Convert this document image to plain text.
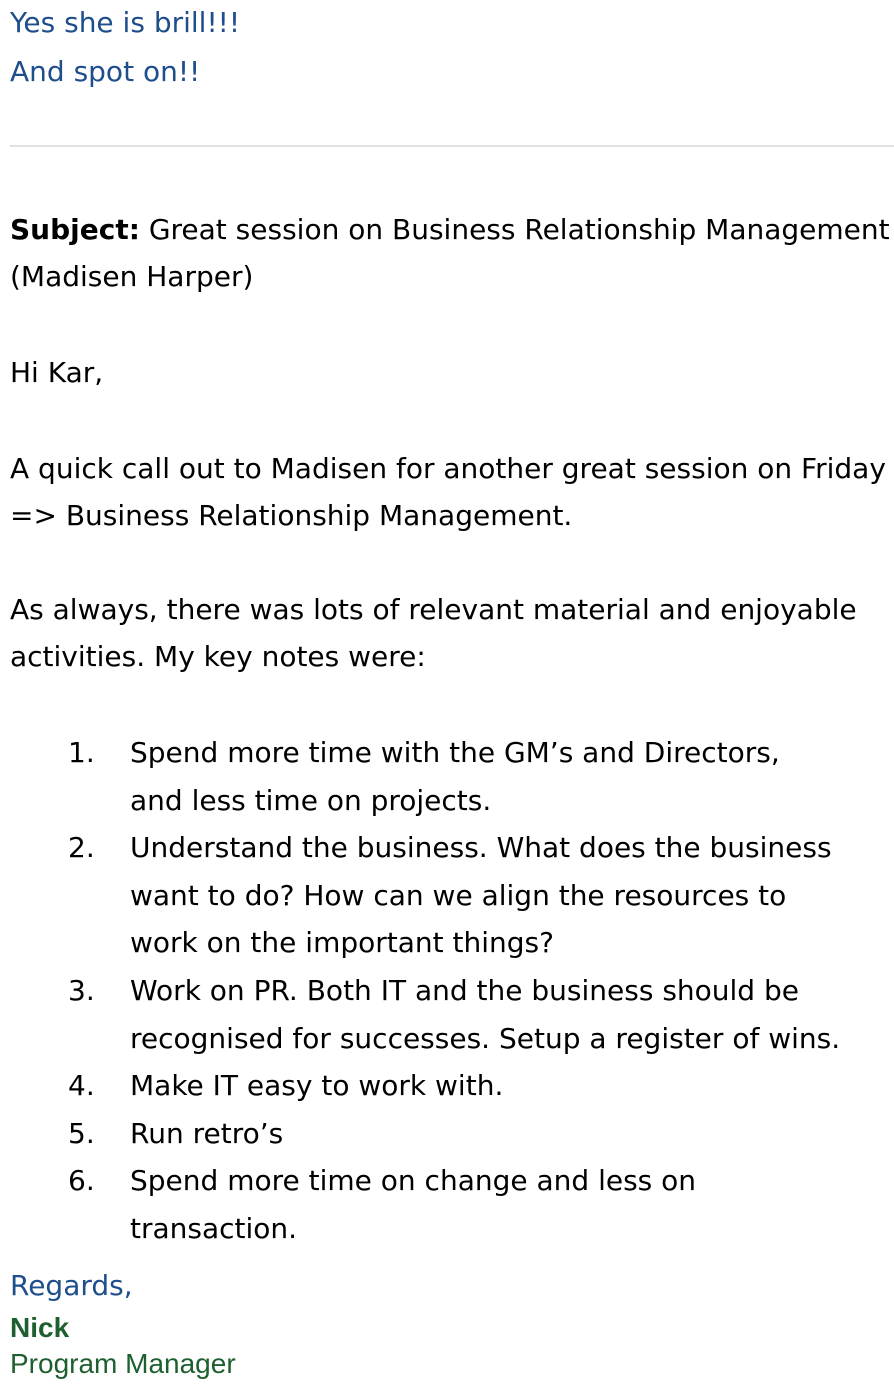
Yes she is brill!!!
And spot on!!
Subject: Great session on Business Relationship Management (Madisen Harper)
Hi Kar,
A quick call out to Madisen for another great session on Friday => Business Relationship Management.
As always, there was lots of relevant material and enjoyable activities. My key notes were:
1. Spend more time with the GM’s and Directors,
and less time on projects.
2. Understand the business. What does the business
want to do? How can we align the resources to
work on the important things?
3. Work on PR. Both IT and the business should be
recognised for successes. Setup a register of wins.
4. Make IT easy to work with.
5. Run retro’s
6. Spend more time on change and less on
transaction.
Regards,
Nick
Program Manager
